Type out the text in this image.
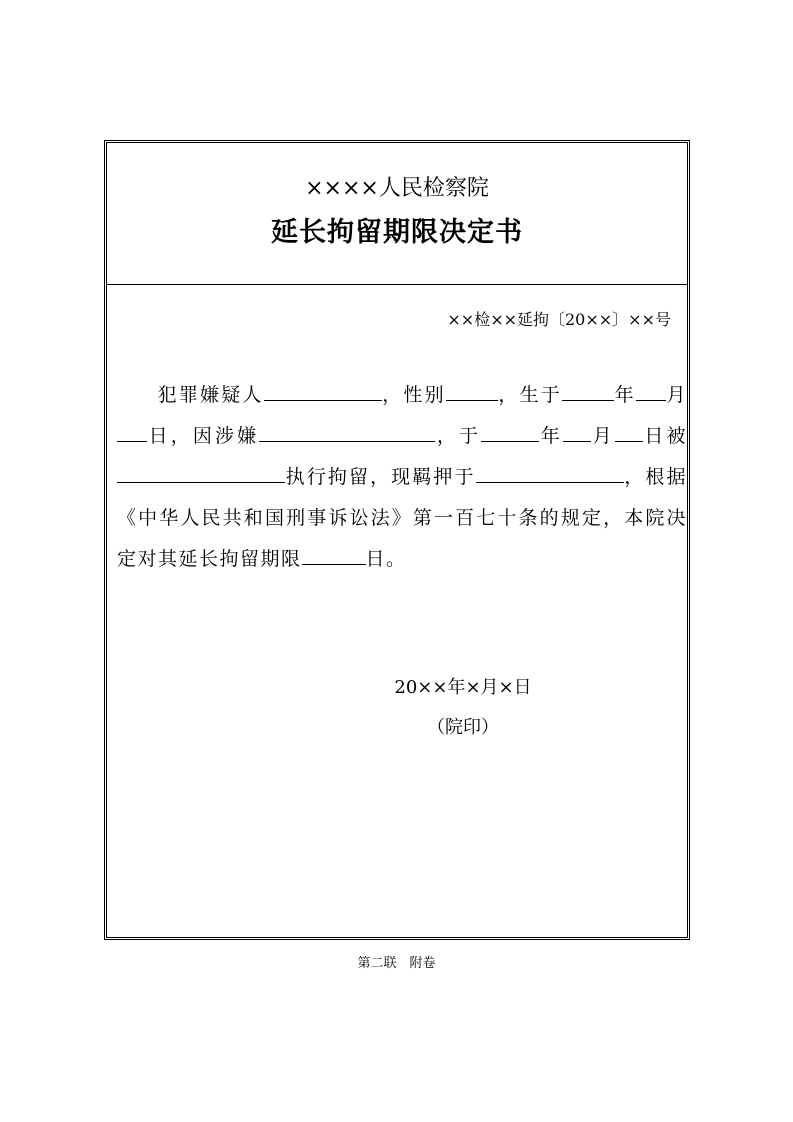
××××人民检察院
延长拘留期限决定书
××检××延拘〔20××〕××号
犯罪嫌疑人	，性别	，生于	年 月日，因涉嫌	，于	年 月 日被执行拘留，现羁押于	，根据《中华人民共和国刑事诉讼法》第一百七十条的规定，本院决定对其延长拘留期限	日。
20××年×月×日
（院印）
第二联　附卷
